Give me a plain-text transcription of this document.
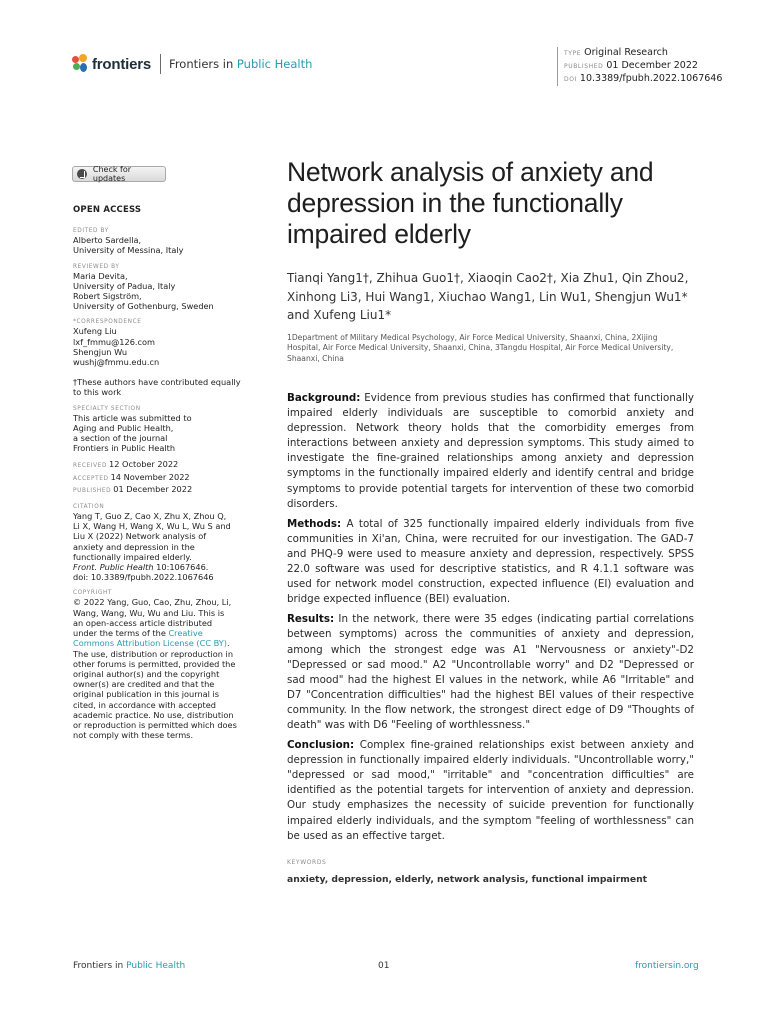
frontiers Frontiers in Public Health
TYPE Original Research
PUBLISHED 01 December 2022
DOI 10.3389/fpubh.2022.1067646
Check for updates
OPEN ACCESS
EDITED BY
Alberto Sardella,
University of Messina, Italy
REVIEWED BY
Maria Devita,
University of Padua, Italy
Robert Sigström,
University of Gothenburg, Sweden
*CORRESPONDENCE
Xufeng Liu
lxf_fmmu@126.com
Shengjun Wu
wushj@fmmu.edu.cn
†These authors have contributed equally to this work
SPECIALTY SECTION
This article was submitted to
Aging and Public Health,
a section of the journal
Frontiers in Public Health
RECEIVED 12 October 2022
ACCEPTED 14 November 2022
PUBLISHED 01 December 2022
CITATION
Yang T, Guo Z, Cao X, Zhu X, Zhou Q,
Li X, Wang H, Wang X, Wu L, Wu S and
Liu X (2022) Network analysis of
anxiety and depression in the
functionally impaired elderly.
Front. Public Health 10:1067646.
doi: 10.3389/fpubh.2022.1067646
COPYRIGHT
© 2022 Yang, Guo, Cao, Zhu, Zhou, Li,
Wang, Wang, Wu, Wu and Liu. This is
an open-access article distributed
under the terms of the Creative Commons Attribution License (CC BY). The use, distribution or reproduction in other forums is permitted, provided the original author(s) and the copyright owner(s) are credited and that the original publication in this journal is cited, in accordance with accepted academic practice. No use, distribution or reproduction is permitted which does not comply with these terms.
Network analysis of anxiety and depression in the functionally impaired elderly
Tianqi Yang1†, Zhihua Guo1†, Xiaoqin Cao2†, Xia Zhu1, Qin Zhou2, Xinhong Li3, Hui Wang1, Xiuchao Wang1, Lin Wu1, Shengjun Wu1* and Xufeng Liu1*
1Department of Military Medical Psychology, Air Force Medical University, Shaanxi, China, 2Xijing Hospital, Air Force Medical University, Shaanxi, China, 3Tangdu Hospital, Air Force Medical University, Shaanxi, China

Background: Evidence from previous studies has confirmed that functionally impaired elderly individuals are susceptible to comorbid anxiety and depression. Network theory holds that the comorbidity emerges from interactions between anxiety and depression symptoms. This study aimed to investigate the fine-grained relationships among anxiety and depression symptoms in the functionally impaired elderly and identify central and bridge symptoms to provide potential targets for intervention of these two comorbid disorders.

Methods: A total of 325 functionally impaired elderly individuals from five communities in Xi'an, China, were recruited for our investigation. The GAD-7 and PHQ-9 were used to measure anxiety and depression, respectively. SPSS 22.0 software was used for descriptive statistics, and R 4.1.1 software was used for network model construction, expected influence (EI) evaluation and bridge expected influence (BEI) evaluation.

Results: In the network, there were 35 edges (indicating partial correlations between symptoms) across the communities of anxiety and depression, among which the strongest edge was A1 "Nervousness or anxiety"-D2 "Depressed or sad mood." A2 "Uncontrollable worry" and D2 "Depressed or sad mood" had the highest EI values in the network, while A6 "Irritable" and D7 "Concentration difficulties" had the highest BEI values of their respective community. In the flow network, the strongest direct edge of D9 "Thoughts of death" was with D6 "Feeling of worthlessness."

Conclusion: Complex fine-grained relationships exist between anxiety and depression in functionally impaired elderly individuals. "Uncontrollable worry," "depressed or sad mood," "irritable" and "concentration difficulties" are identified as the potential targets for intervention of anxiety and depression. Our study emphasizes the necessity of suicide prevention for functionally impaired elderly individuals, and the symptom "feeling of worthlessness" can be used as an effective target.

KEYWORDS
anxiety, depression, elderly, network analysis, functional impairment
Frontiers in Public Health	01	frontiersin.org
